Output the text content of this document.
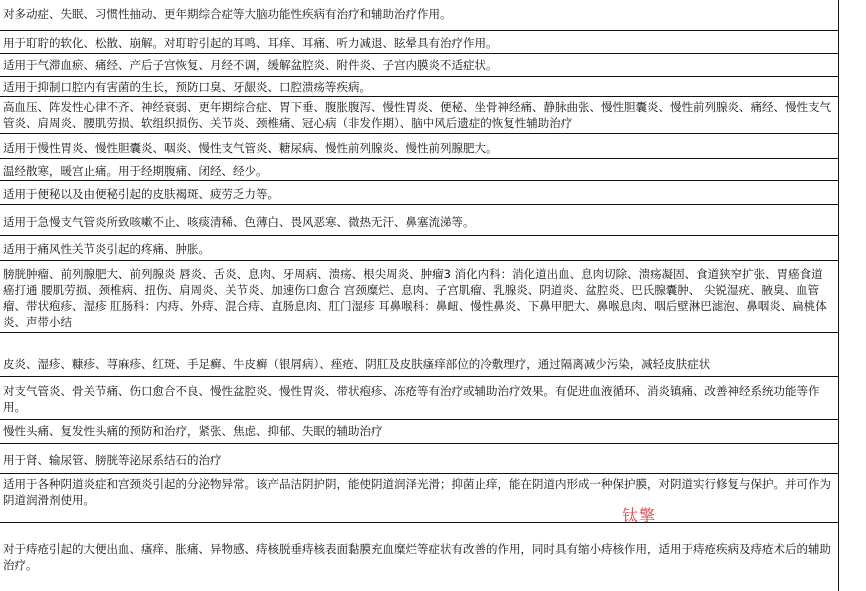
对多动症、失眠、习惯性抽动、更年期综合症等大脑功能性疾病有治疗和辅助治疗作用。
用于耵聍的软化、松散、崩解。对耵聍引起的耳鸣、耳痒、耳痛、听力减退、眩晕具有治疗作用。
适用于气滞血瘀、痛经、产后子宫恢复、月经不调，缓解盆腔炎、附件炎、子宫内膜炎不适症状。
适用于抑制口腔内有害菌的生长，预防口臭、牙龈炎、口腔溃疡等疾病。
高血压、阵发性心律不齐、神经衰弱、更年期综合症、胃下垂、腹胀腹泻、慢性胃炎、便秘、坐骨神经痛、静脉曲张、慢性胆囊炎、慢性前列腺炎、痛经、慢性支气管炎、肩周炎、腰肌劳损、软组织损伤、关节炎、颈椎痛、冠心病（非发作期）、脑中风后遗症的恢复性辅助治疗
适用于慢性胃炎、慢性胆囊炎、咽炎、慢性支气管炎、糖尿病、慢性前列腺炎、慢性前列腺肥大。
温经散寒，暖宫止痛。用于经期腹痛、闭经、经少。
适用于便秘以及由便秘引起的皮肤褐斑、疲劳乏力等。
适用于急慢支气管炎所致咳嗽不止、咳痰清稀、色薄白、畏风恶寒、微热无汗、鼻塞流涕等。
适用于痛风性关节炎引起的疼痛、肿胀。
膀胱肿瘤、前列腺肥大、前列腺炎 唇炎、舌炎、息肉、牙周病、溃疡、根尖周炎、肿瘤3 消化内科：消化道出血、息肉切除、溃疡凝固、食道狭窄扩张、胃癌食道癌打通 腰肌劳损、颈椎病、扭伤、肩周炎、关节炎、加速伤口愈合 宫颈糜烂、息肉、子宫肌瘤、乳腺炎、阴道炎、盆腔炎、巴氏腺囊肿、 尖锐湿疣、腋臭、血管瘤、带状疱疹、湿疹 肛肠科：内痔、外痔、混合痔、直肠息肉、肛门湿疹 耳鼻喉科：鼻衄、慢性鼻炎、下鼻甲肥大、鼻喉息肉、咽后壁淋巴滤泡、鼻咽炎、扁桃体炎、声带小结
皮炎、湿疹、糠疹、荨麻疹、红斑、手足癣、牛皮癣（银屑病）、痤疮、阴肛及皮肤瘙痒部位的冷敷理疗，通过隔离减少污染，减轻皮肤症状
对支气管炎、骨关节痛、伤口愈合不良、慢性盆腔炎、慢性胃炎、带状疱疹、冻疮等有治疗或辅助治疗效果。有促进血液循环、消炎镇痛、改善神经系统功能等作用。
慢性头痛、复发性头痛的预防和治疗，紧张、焦虑、抑郁、失眠的辅助治疗
用于肾、输尿管、膀胱等泌尿系结石的治疗
适用于各种阴道炎症和宫颈炎引起的分泌物异常。该产品洁阴护阴，能使阴道润泽光滑；抑菌止痒，能在阴道内形成一种保护膜，对阴道实行修复与保护。并可作为阴道润滑剂使用。
对于痔疮引起的大便出血、瘙痒、胀痛、异物感、痔核脱垂痔核表面黏膜充血糜烂等症状有改善的作用，同时具有缩小痔核作用，适用于痔疮疾病及痔疮术后的辅助治疗。
钛擎
